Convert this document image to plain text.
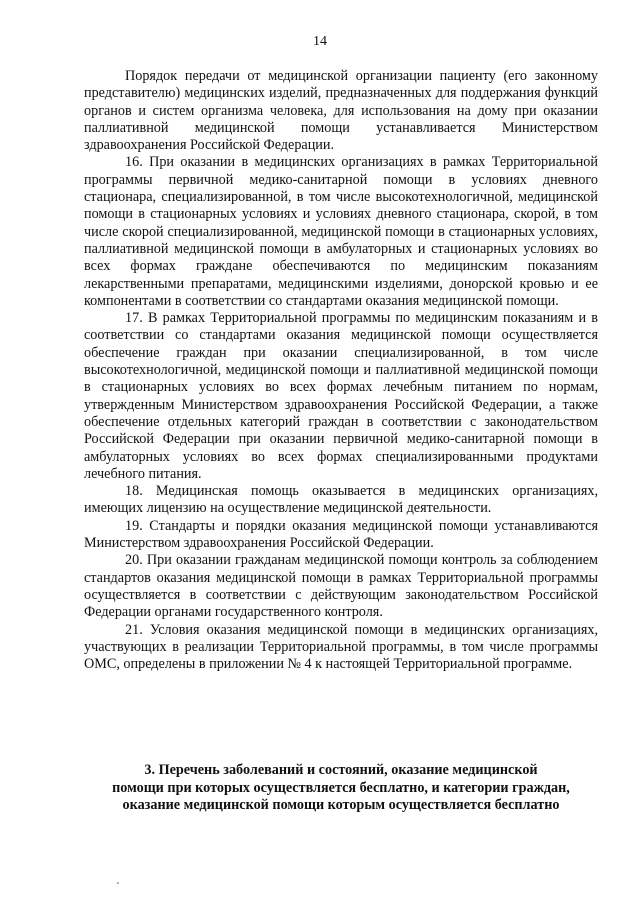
14

Порядок передачи от медицинской организации пациенту (его законному представителю) медицинских изделий, предназначенных для поддержания функций органов и систем организма человека, для использования на дому при оказании паллиативной медицинской помощи устанавливается Министерством здравоохранения Российской Федерации.

16. При оказании в медицинских организациях в рамках Территориальной программы первичной медико-санитарной помощи в условиях дневного стационара, специализированной, в том числе высокотехнологичной, медицинской помощи в стационарных условиях и условиях дневного стационара, скорой, в том числе скорой специализированной, медицинской помощи в стационарных условиях, паллиативной медицинской помощи в амбулаторных и стационарных условиях во всех формах граждане обеспечиваются по медицинским показаниям лекарственными препаратами, медицинскими изделиями, донорской кровью и ее компонентами в соответствии со стандартами оказания медицинской помощи.

17. В рамках Территориальной программы по медицинским показаниям и в соответствии со стандартами оказания медицинской помощи осуществляется обеспечение граждан при оказании специализированной, в том числе высокотехнологичной, медицинской помощи и паллиативной медицинской помощи в стационарных условиях во всех формах лечебным питанием по нормам, утвержденным Министерством здравоохранения Российской Федерации, а также обеспечение отдельных категорий граждан в соответствии с законодательством Российской Федерации при оказании первичной медико-санитарной помощи в амбулаторных условиях во всех формах специализированными продуктами лечебного питания.

18. Медицинская помощь оказывается в медицинских организациях, имеющих лицензию на осуществление медицинской деятельности.

19. Стандарты и порядки оказания медицинской помощи устанавливаются Министерством здравоохранения Российской Федерации.

20. При оказании гражданам медицинской помощи контроль за соблюдением стандартов оказания медицинской помощи в рамках Территориальной программы осуществляется в соответствии с действующим законодательством Российской Федерации органами государственного контроля.

21. Условия оказания медицинской помощи в медицинских организациях, участвующих в реализации Территориальной программы, в том числе программы ОМС, определены в приложении № 4 к настоящей Территориальной программе.

3. Перечень заболеваний и состояний, оказание медицинской
помощи при которых осуществляется бесплатно, и категории граждан,
оказание медицинской помощи которым осуществляется бесплатно
